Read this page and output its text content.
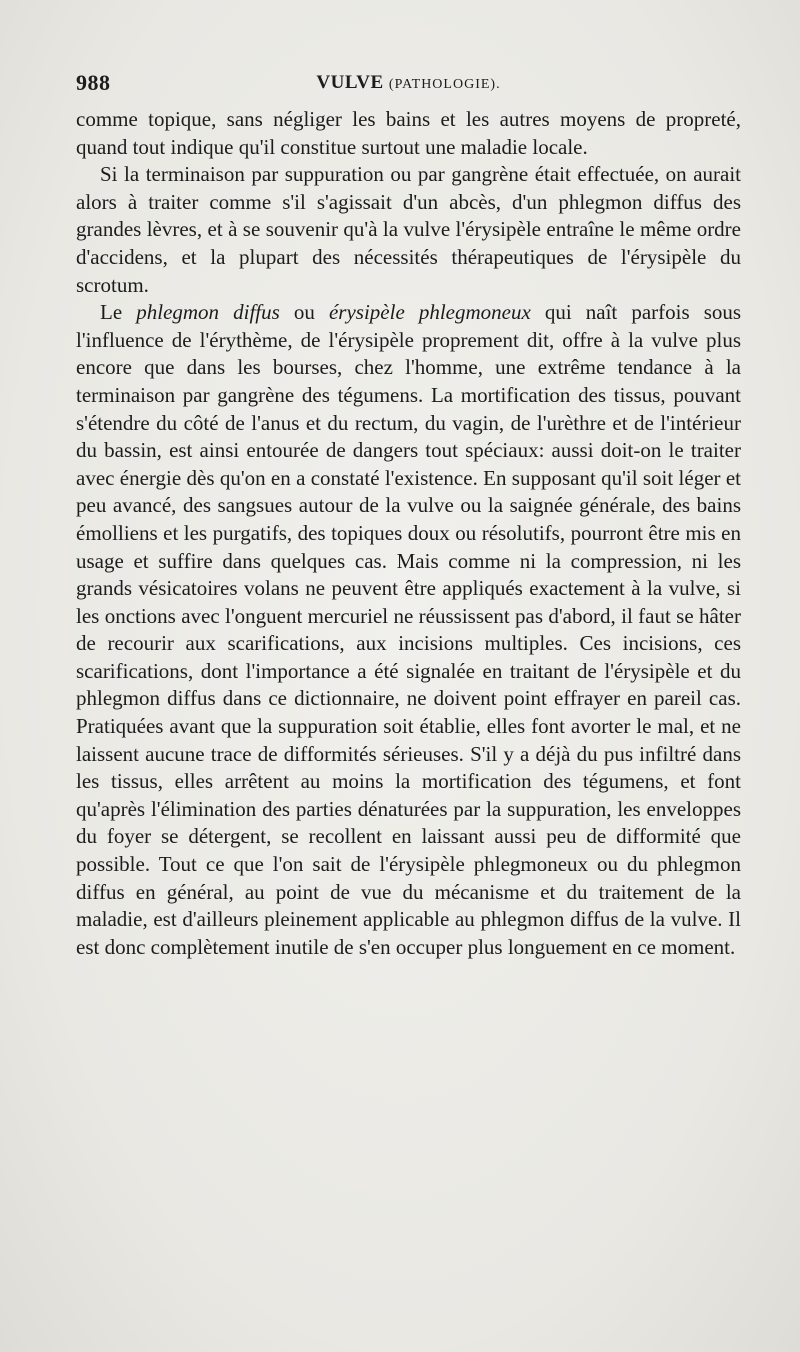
988	VULVE (PATHOLOGIE).

comme topique, sans négliger les bains et les autres moyens de propreté, quand tout indique qu'il constitue surtout une maladie locale.

Si la terminaison par suppuration ou par gangrène était effectuée, on aurait alors à traiter comme s'il s'agissait d'un abcès, d'un phlegmon diffus des grandes lèvres, et à se souvenir qu'à la vulve l'érysipèle entraîne le même ordre d'accidens, et la plupart des nécessités thérapeutiques de l'érysipèle du scrotum.

Le phlegmon diffus ou érysipèle phlegmoneux qui naît parfois sous l'influence de l'érythème, de l'érysipèle proprement dit, offre à la vulve plus encore que dans les bourses, chez l'homme, une extrême tendance à la terminaison par gangrène des tégumens. La mortification des tissus, pouvant s'étendre du côté de l'anus et du rectum, du vagin, de l'urèthre et de l'intérieur du bassin, est ainsi entourée de dangers tout spéciaux: aussi doit-on le traiter avec énergie dès qu'on en a constaté l'existence. En supposant qu'il soit léger et peu avancé, des sangsues autour de la vulve ou la saignée générale, des bains émolliens et les purgatifs, des topiques doux ou résolutifs, pourront être mis en usage et suffire dans quelques cas. Mais comme ni la compression, ni les grands vésicatoires volans ne peuvent être appliqués exactement à la vulve, si les onctions avec l'onguent mercuriel ne réussissent pas d'abord, il faut se hâter de recourir aux scarifications, aux incisions multiples. Ces incisions, ces scarifications, dont l'importance a été signalée en traitant de l'érysipèle et du phlegmon diffus dans ce dictionnaire, ne doivent point effrayer en pareil cas. Pratiquées avant que la suppuration soit établie, elles font avorter le mal, et ne laissent aucune trace de difformités sérieuses. S'il y a déjà du pus infiltré dans les tissus, elles arrêtent au moins la mortification des tégumens, et font qu'après l'élimination des parties dénaturées par la suppuration, les enveloppes du foyer se détergent, se recollent en laissant aussi peu de difformité que possible. Tout ce que l'on sait de l'érysipèle phlegmoneux ou du phlegmon diffus en général, au point de vue du mécanisme et du traitement de la maladie, est d'ailleurs pleinement applicable au phlegmon diffus de la vulve. Il est donc complètement inutile de s'en occuper plus longuement en ce moment.
